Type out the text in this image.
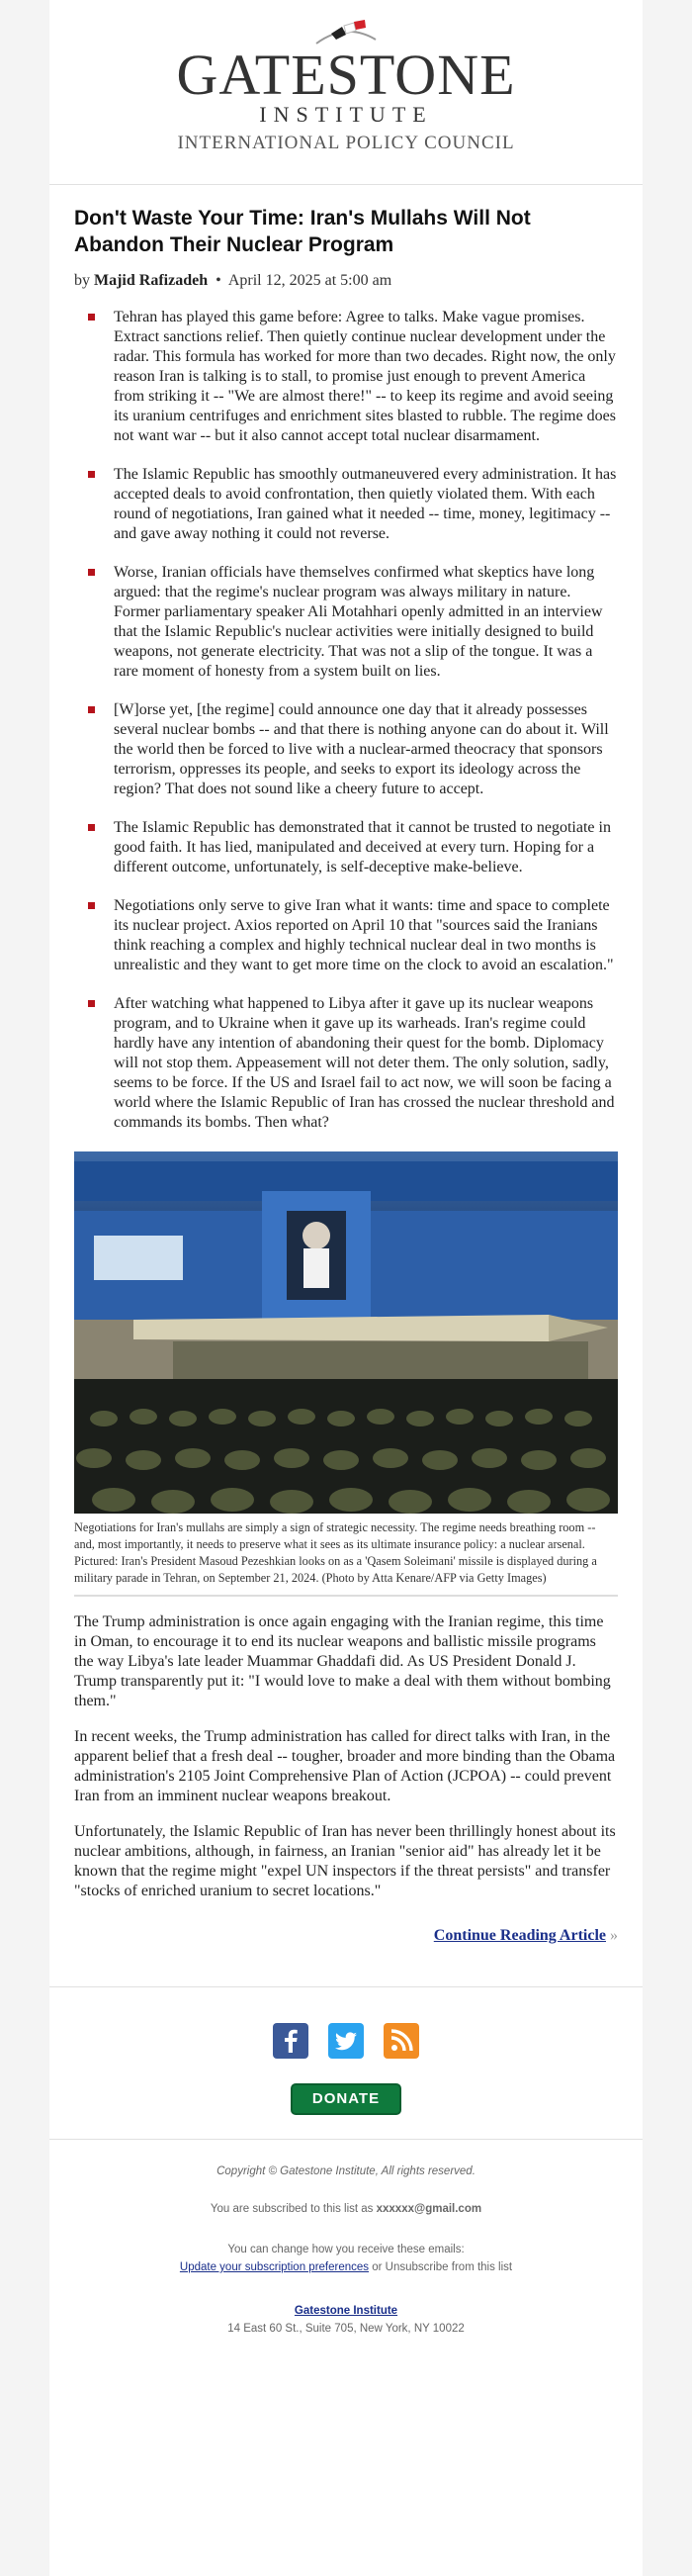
GATESTONE
INSTITUTE
INTERNATIONAL POLICY COUNCIL
Don't Waste Your Time: Iran's Mullahs Will Not Abandon Their Nuclear Program
by Majid Rafizadeh • April 12, 2025 at 5:00 am
Tehran has played this game before: Agree to talks. Make vague promises. Extract sanctions relief. Then quietly continue nuclear development under the radar. This formula has worked for more than two decades. Right now, the only reason Iran is talking is to stall, to promise just enough to prevent America from striking it -- "We are almost there!" -- to keep its regime and avoid seeing its uranium centrifuges and enrichment sites blasted to rubble. The regime does not want war -- but it also cannot accept total nuclear disarmament.
The Islamic Republic has smoothly outmaneuvered every administration. It has accepted deals to avoid confrontation, then quietly violated them. With each round of negotiations, Iran gained what it needed -- time, money, legitimacy -- and gave away nothing it could not reverse.
Worse, Iranian officials have themselves confirmed what skeptics have long argued: that the regime's nuclear program was always military in nature. Former parliamentary speaker Ali Motahhari openly admitted in an interview that the Islamic Republic's nuclear activities were initially designed to build weapons, not generate electricity. That was not a slip of the tongue. It was a rare moment of honesty from a system built on lies.
[W]orse yet, [the regime] could announce one day that it already possesses several nuclear bombs -- and that there is nothing anyone can do about it. Will the world then be forced to live with a nuclear-armed theocracy that sponsors terrorism, oppresses its people, and seeks to export its ideology across the region? That does not sound like a cheery future to accept.
The Islamic Republic has demonstrated that it cannot be trusted to negotiate in good faith. It has lied, manipulated and deceived at every turn. Hoping for a different outcome, unfortunately, is self-deceptive make-believe.
Negotiations only serve to give Iran what it wants: time and space to complete its nuclear project. Axios reported on April 10 that "sources said the Iranians think reaching a complex and highly technical nuclear deal in two months is unrealistic and they want to get more time on the clock to avoid an escalation."
After watching what happened to Libya after it gave up its nuclear weapons program, and to Ukraine when it gave up its warheads. Iran's regime could hardly have any intention of abandoning their quest for the bomb. Diplomacy will not stop them. Appeasement will not deter them. The only solution, sadly, seems to be force. If the US and Israel fail to act now, we will soon be facing a world where the Islamic Republic of Iran has crossed the nuclear threshold and commands its bombs. Then what?
Negotiations for Iran's mullahs are simply a sign of strategic necessity. The regime needs breathing room -- and, most importantly, it needs to preserve what it sees as its ultimate insurance policy: a nuclear arsenal. Pictured: Iran's President Masoud Pezeshkian looks on as a 'Qasem Soleimani' missile is displayed during a military parade in Tehran, on September 21, 2024. (Photo by Atta Kenare/AFP via Getty Images)

The Trump administration is once again engaging with the Iranian regime, this time in Oman, to encourage it to end its nuclear weapons and ballistic missile programs the way Libya's late leader Muammar Ghaddafi did. As US President Donald J. Trump transparently put it: "I would love to make a deal with them without bombing them."

In recent weeks, the Trump administration has called for direct talks with Iran, in the apparent belief that a fresh deal -- tougher, broader and more binding than the Obama administration's 2105 Joint Comprehensive Plan of Action (JCPOA) -- could prevent Iran from an imminent nuclear weapons breakout.

Unfortunately, the Islamic Republic of Iran has never been thrillingly honest about its nuclear ambitions, although, in fairness, an Iranian "senior aid" has already let it be known that the regime might "expel UN inspectors if the threat persists" and transfer "stocks of enriched uranium to secret locations."

Continue Reading Article »

DONATE

Copyright © Gatestone Institute, All rights reserved.

You are subscribed to this list as xxxxxx@gmail.com

You can change how you receive these emails:
Update your subscription preferences or Unsubscribe from this list

Gatestone Institute
14 East 60 St., Suite 705, New York, NY 10022
